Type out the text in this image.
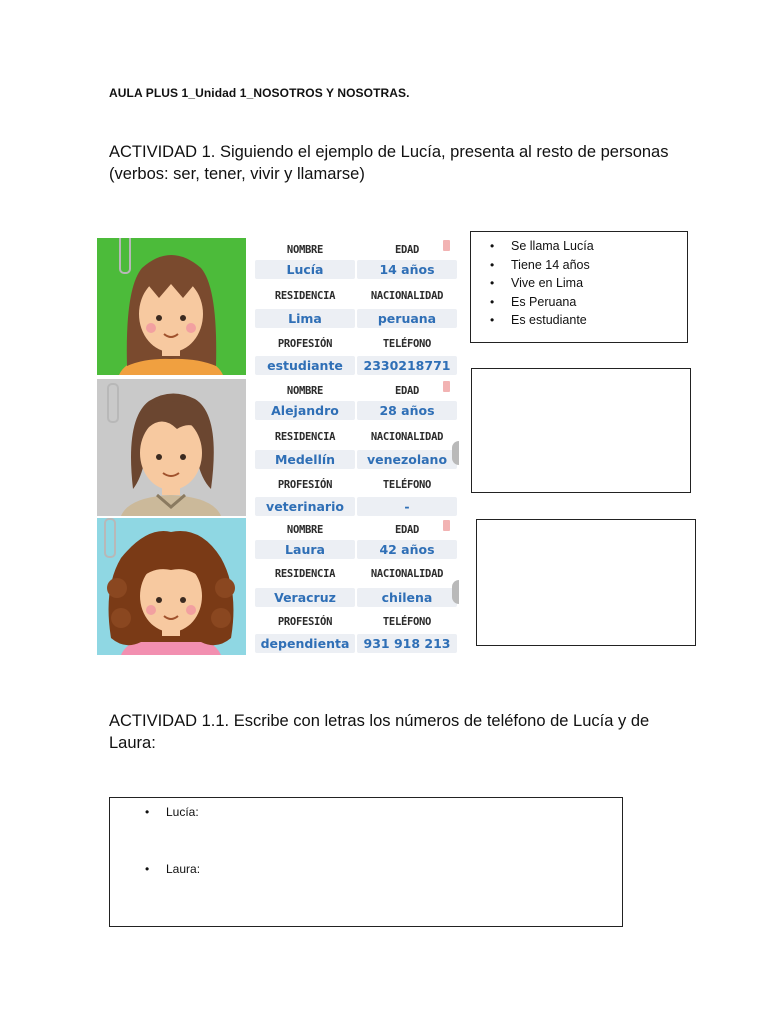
AULA PLUS 1_Unidad 1_NOSOTROS Y NOSOTRAS.
ACTIVIDAD 1. Siguiendo el ejemplo de Lucía, presenta al resto de personas (verbos: ser, tener, vivir y llamarse)
NOMBRE	EDAD
Lucía	14 años
RESIDENCIA	NACIONALIDAD
Lima	peruana
PROFESIÓN	TELÉFONO
estudiante	2330218771
NOMBRE	EDAD
Alejandro	28 años
RESIDENCIA	NACIONALIDAD
Medellín	venezolano
PROFESIÓN	TELÉFONO
veterinario	-
NOMBRE	EDAD
Laura	42 años
RESIDENCIA	NACIONALIDAD
Veracruz	chilena
PROFESIÓN	TELÉFONO
dependienta	931 918 213
• Se llama Lucía
• Tiene 14 años
• Vive en Lima
• Es Peruana
• Es estudiante
ACTIVIDAD 1.1. Escribe con letras los números de teléfono de Lucía y de Laura:
• Lucía:
• Laura:
